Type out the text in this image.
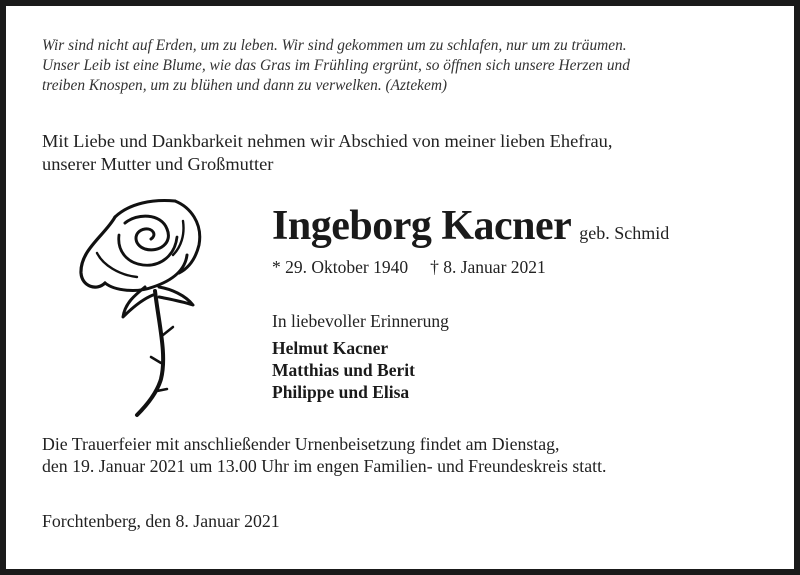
Wir sind nicht auf Erden, um zu leben. Wir sind gekommen um zu schlafen, nur um zu träumen.
Unser Leib ist eine Blume, wie das Gras im Frühling ergrünt, so öffnen sich unsere Herzen und
treiben Knospen, um zu blühen und dann zu verwelken. (Aztekem)
Mit Liebe und Dankbarkeit nehmen wir Abschied von meiner lieben Ehefrau,
unserer Mutter und Großmutter
Ingeborg Kacner geb. Schmid
* 29. Oktober 1940 † 8. Januar 2021
In liebevoller Erinnerung
Helmut Kacner
Matthias und Berit
Philippe und Elisa
Die Trauerfeier mit anschließender Urnenbeisetzung findet am Dienstag,
den 19. Januar 2021 um 13.00 Uhr im engen Familien- und Freundeskreis statt.
Forchtenberg, den 8. Januar 2021
